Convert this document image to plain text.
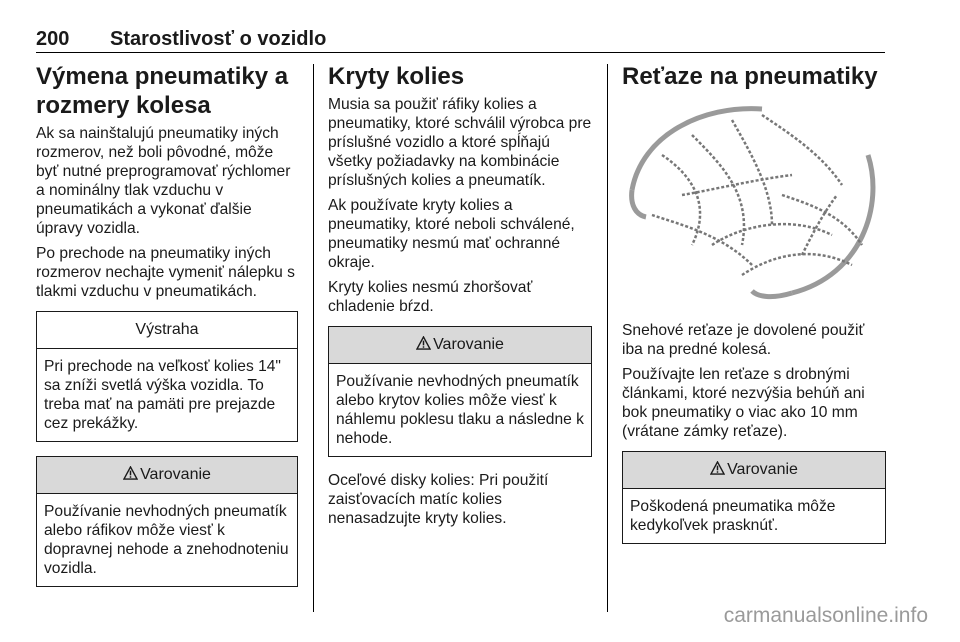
200 Starostlivosť o vozidlo
Výmena pneumatiky a rozmery kolesa

Ak sa nainštalujú pneumatiky iných rozmerov, než boli pôvodné, môže byť nutné preprogramovať rýchlomer a nominálny tlak vzduchu v pneumatikách a vykonať ďalšie úpravy vozidla.

Po prechode na pneumatiky iných rozmerov nechajte vymeniť nálepku s tlakmi vzduchu v pneumatikách.

Výstraha
Pri prechode na veľkosť kolies 14" sa zníži svetlá výška vozidla. To treba mať na pamäti pre prejazde cez prekážky.
Varovanie
Používanie nevhodných pneumatík alebo ráfikov môže viesť k dopravnej nehode a znehodnoteniu vozidla.
Kryty kolies

Musia sa použiť ráfiky kolies a pneumatiky, ktoré schválil výrobca pre príslušné vozidlo a ktoré spĺňajú všetky požiadavky na kombinácie príslušných kolies a pneumatík.

Ak používate kryty kolies a pneumatiky, ktoré neboli schválené, pneumatiky nesmú mať ochranné okraje.

Kryty kolies nesmú zhoršovať chladenie bŕzd.

Varovanie
Používanie nevhodných pneumatík alebo krytov kolies môže viesť k náhlemu poklesu tlaku a následne k nehode.

Oceľové disky kolies: Pri použití zaisťovacích matíc kolies nenasadzujte kryty kolies.

Reťaze na pneumatiky

Snehové reťaze je dovolené použiť iba na predné kolesá.

Používajte len reťaze s drobnými článkami, ktoré nezvýšia behúň ani bok pneumatiky o viac ako 10 mm (vrátane zámky reťaze).

Varovanie
Poškodená pneumatika môže kedykoľvek prasknúť.
carmanualsonline.info
